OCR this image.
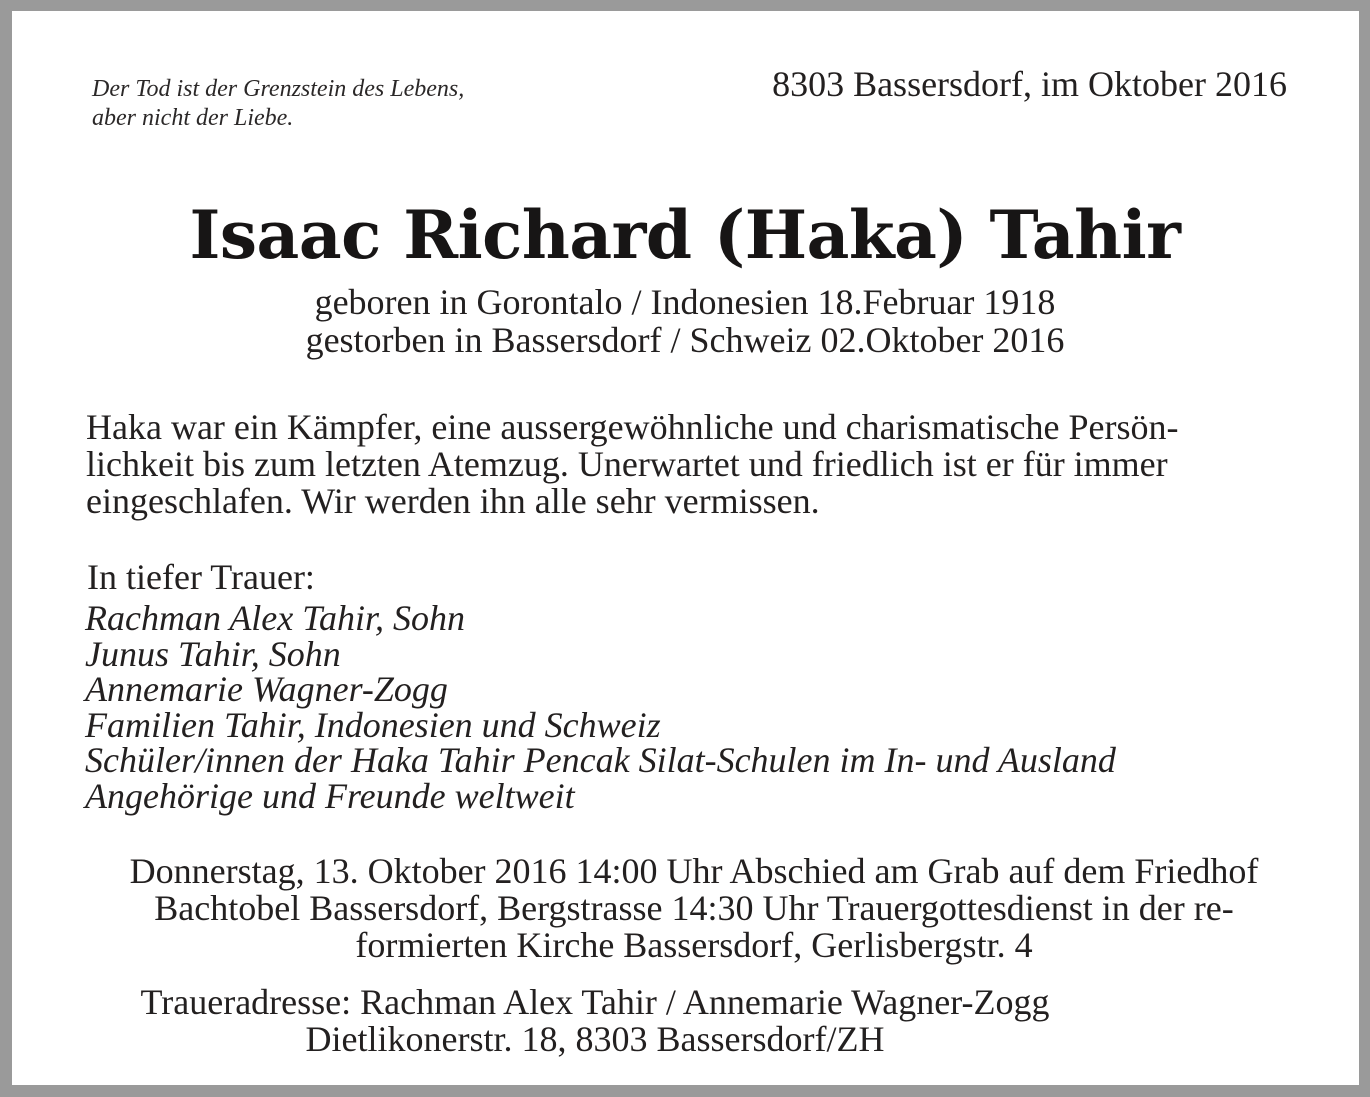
Der Tod ist der Grenzstein des Lebens,
aber nicht der Liebe.
8303 Bassersdorf, im Oktober 2016
Isaac Richard (Haka) Tahir
geboren in Gorontalo / Indonesien 18.Februar 1918
gestorben in Bassersdorf / Schweiz 02.Oktober 2016
Haka war ein Kämpfer, eine aussergewöhnliche und charismatische Persön-
lichkeit bis zum letzten Atemzug. Unerwartet und friedlich ist er für immer
eingeschlafen. Wir werden ihn alle sehr vermissen.
In tiefer Trauer:
Rachman Alex Tahir, Sohn
Junus Tahir, Sohn
Annemarie Wagner-Zogg
Familien Tahir, Indonesien und Schweiz
Schüler/innen der Haka Tahir Pencak Silat-Schulen im In- und Ausland
Angehörige und Freunde weltweit
Donnerstag, 13. Oktober 2016 14:00 Uhr Abschied am Grab auf dem Friedhof
Bachtobel Bassersdorf, Bergstrasse 14:30 Uhr Trauergottesdienst in der re-
formierten Kirche Bassersdorf, Gerlisbergstr. 4
Traueradresse: Rachman Alex Tahir / Annemarie Wagner-Zogg
Dietlikonerstr. 18, 8303 Bassersdorf/ZH
